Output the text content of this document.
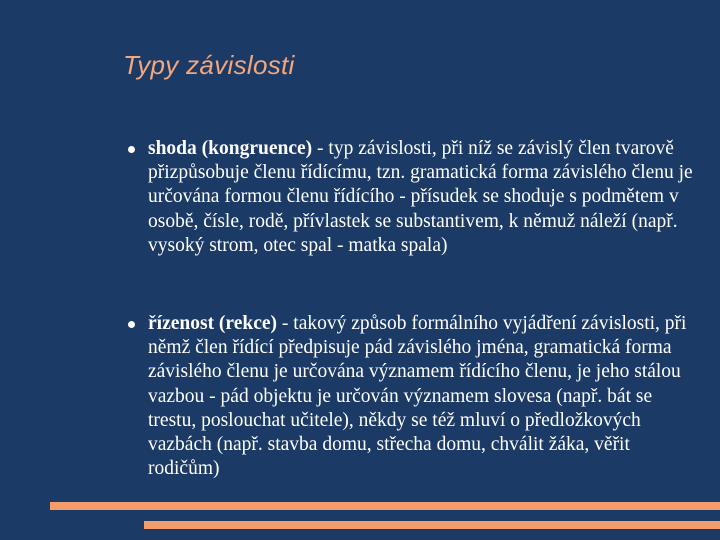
Typy závislosti
shoda (kongruence) - typ závislosti, při níž se závislý člen tvarově přizpůsobuje členu řídícímu, tzn. gramatická forma závislého členu je určována formou členu řídícího - přísudek se shoduje s podmětem v osobě, čísle, rodě, přívlastek se substantivem, k němuž náleží (např. vysoký strom, otec spal - matka spala)
řízenost (rekce) - takový způsob formálního vyjádření závislosti, při němž člen řídící předpisuje pád závislého jména, gramatická forma závislého členu je určována významem řídícího členu, je jeho stálou vazbou - pád objektu je určován významem slovesa (např. bát se trestu, poslouchat učitele), někdy se též mluví o předložkových vazbách (např. stavba domu, střecha domu, chválit žáka, věřit rodičům)
